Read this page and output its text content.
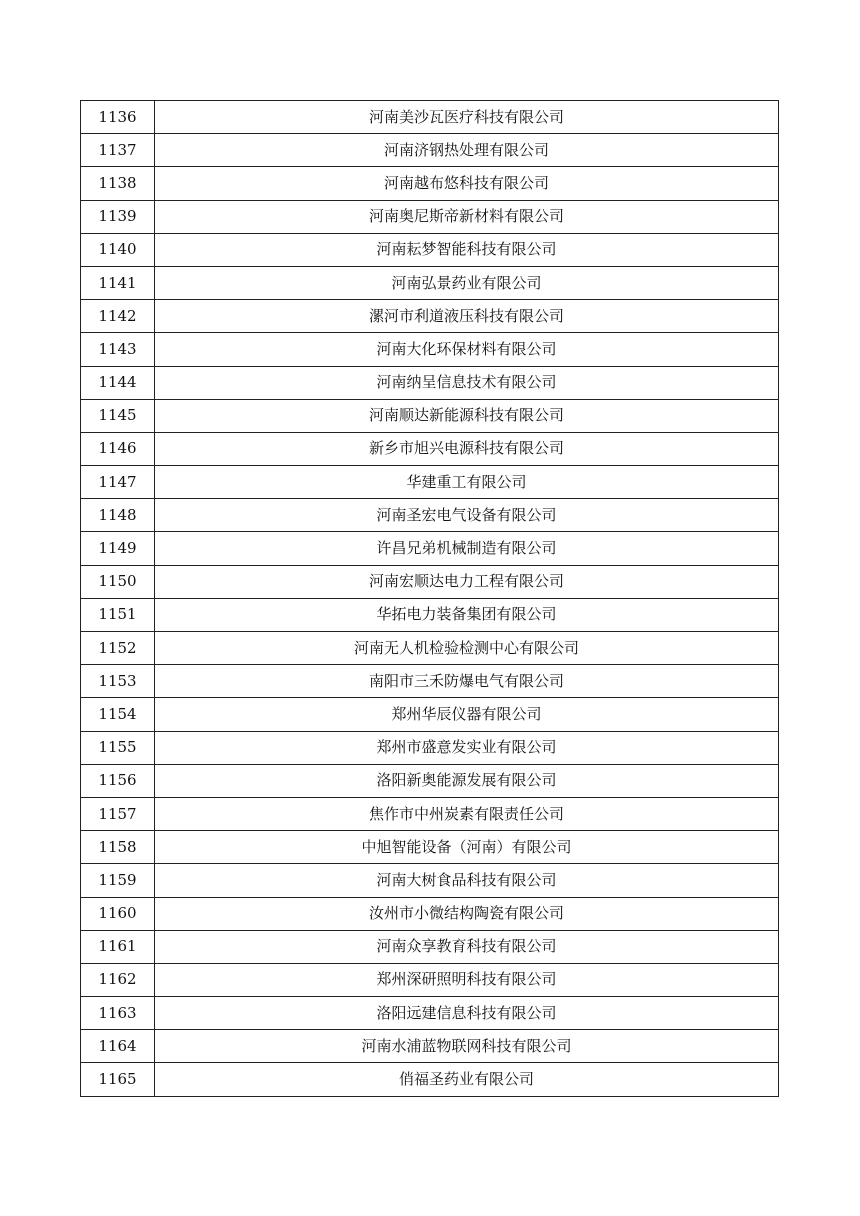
1136	河南美沙瓦医疗科技有限公司
1137	河南济钢热处理有限公司
1138	河南越布悠科技有限公司
1139	河南奥尼斯帝新材料有限公司
1140	河南耘梦智能科技有限公司
1141	河南弘景药业有限公司
1142	漯河市利道液压科技有限公司
1143	河南大化环保材料有限公司
1144	河南纳呈信息技术有限公司
1145	河南顺达新能源科技有限公司
1146	新乡市旭兴电源科技有限公司
1147	华建重工有限公司
1148	河南圣宏电气设备有限公司
1149	许昌兄弟机械制造有限公司
1150	河南宏顺达电力工程有限公司
1151	华拓电力装备集团有限公司
1152	河南无人机检验检测中心有限公司
1153	南阳市三禾防爆电气有限公司
1154	郑州华辰仪器有限公司
1155	郑州市盛意发实业有限公司
1156	洛阳新奥能源发展有限公司
1157	焦作市中州炭素有限责任公司
1158	中旭智能设备（河南）有限公司
1159	河南大树食品科技有限公司
1160	汝州市小微结构陶瓷有限公司
1161	河南众享教育科技有限公司
1162	郑州深研照明科技有限公司
1163	洛阳远建信息科技有限公司
1164	河南水浦蓝物联网科技有限公司
1165	俏福圣药业有限公司
